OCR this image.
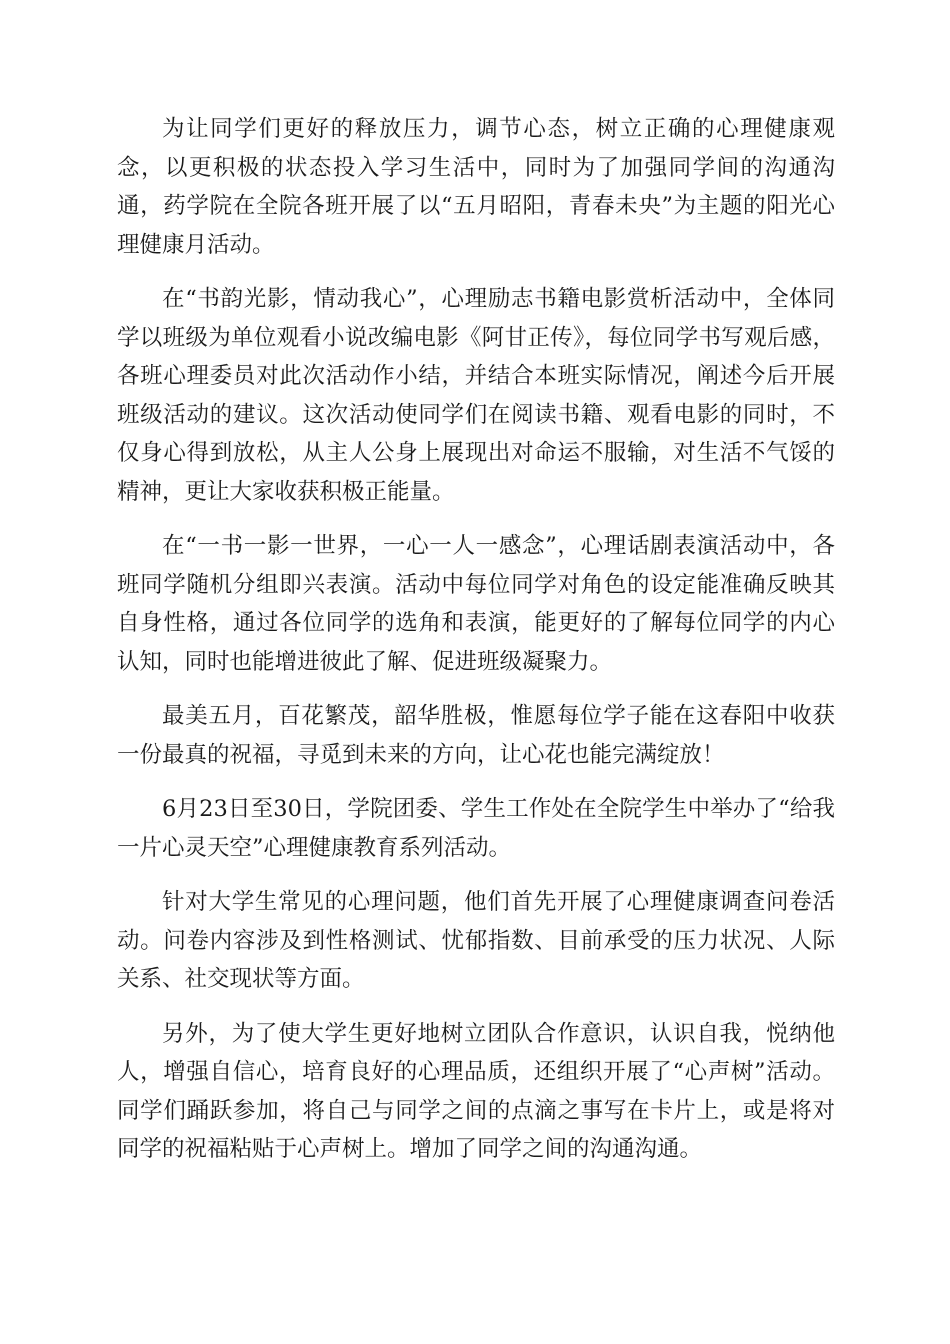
为让同学们更好的释放压力，调节心态，树立正确的心理健康观念，以更积极的状态投入学习生活中，同时为了加强同学间的沟通沟通，药学院在全院各班开展了以“五月昭阳，青春未央”为主题的阳光心理健康月活动。

在“书韵光影，情动我心”，心理励志书籍电影赏析活动中，全体同学以班级为单位观看小说改编电影《阿甘正传》，每位同学书写观后感，各班心理委员对此次活动作小结，并结合本班实际情况，阐述今后开展班级活动的建议。这次活动使同学们在阅读书籍、观看电影的同时，不仅身心得到放松，从主人公身上展现出对命运不服输，对生活不气馁的精神，更让大家收获积极正能量。

在“一书一影一世界，一心一人一感念”，心理话剧表演活动中，各班同学随机分组即兴表演。活动中每位同学对角色的设定能准确反映其自身性格，通过各位同学的选角和表演，能更好的了解每位同学的内心认知，同时也能增进彼此了解、促进班级凝聚力。

最美五月，百花繁茂，韶华胜极，惟愿每位学子能在这春阳中收获一份最真的祝福，寻觅到未来的方向，让心花也能完满绽放！

6月23日至30日，学院团委、学生工作处在全院学生中举办了“给我一片心灵天空”心理健康教育系列活动。

针对大学生常见的心理问题，他们首先开展了心理健康调查问卷活动。问卷内容涉及到性格测试、忧郁指数、目前承受的压力状况、人际关系、社交现状等方面。

另外，为了使大学生更好地树立团队合作意识，认识自我，悦纳他人，增强自信心，培育良好的心理品质，还组织开展了“心声树”活动。同学们踊跃参加，将自己与同学之间的点滴之事写在卡片上，或是将对同学的祝福粘贴于心声树上。增加了同学之间的沟通沟通。
